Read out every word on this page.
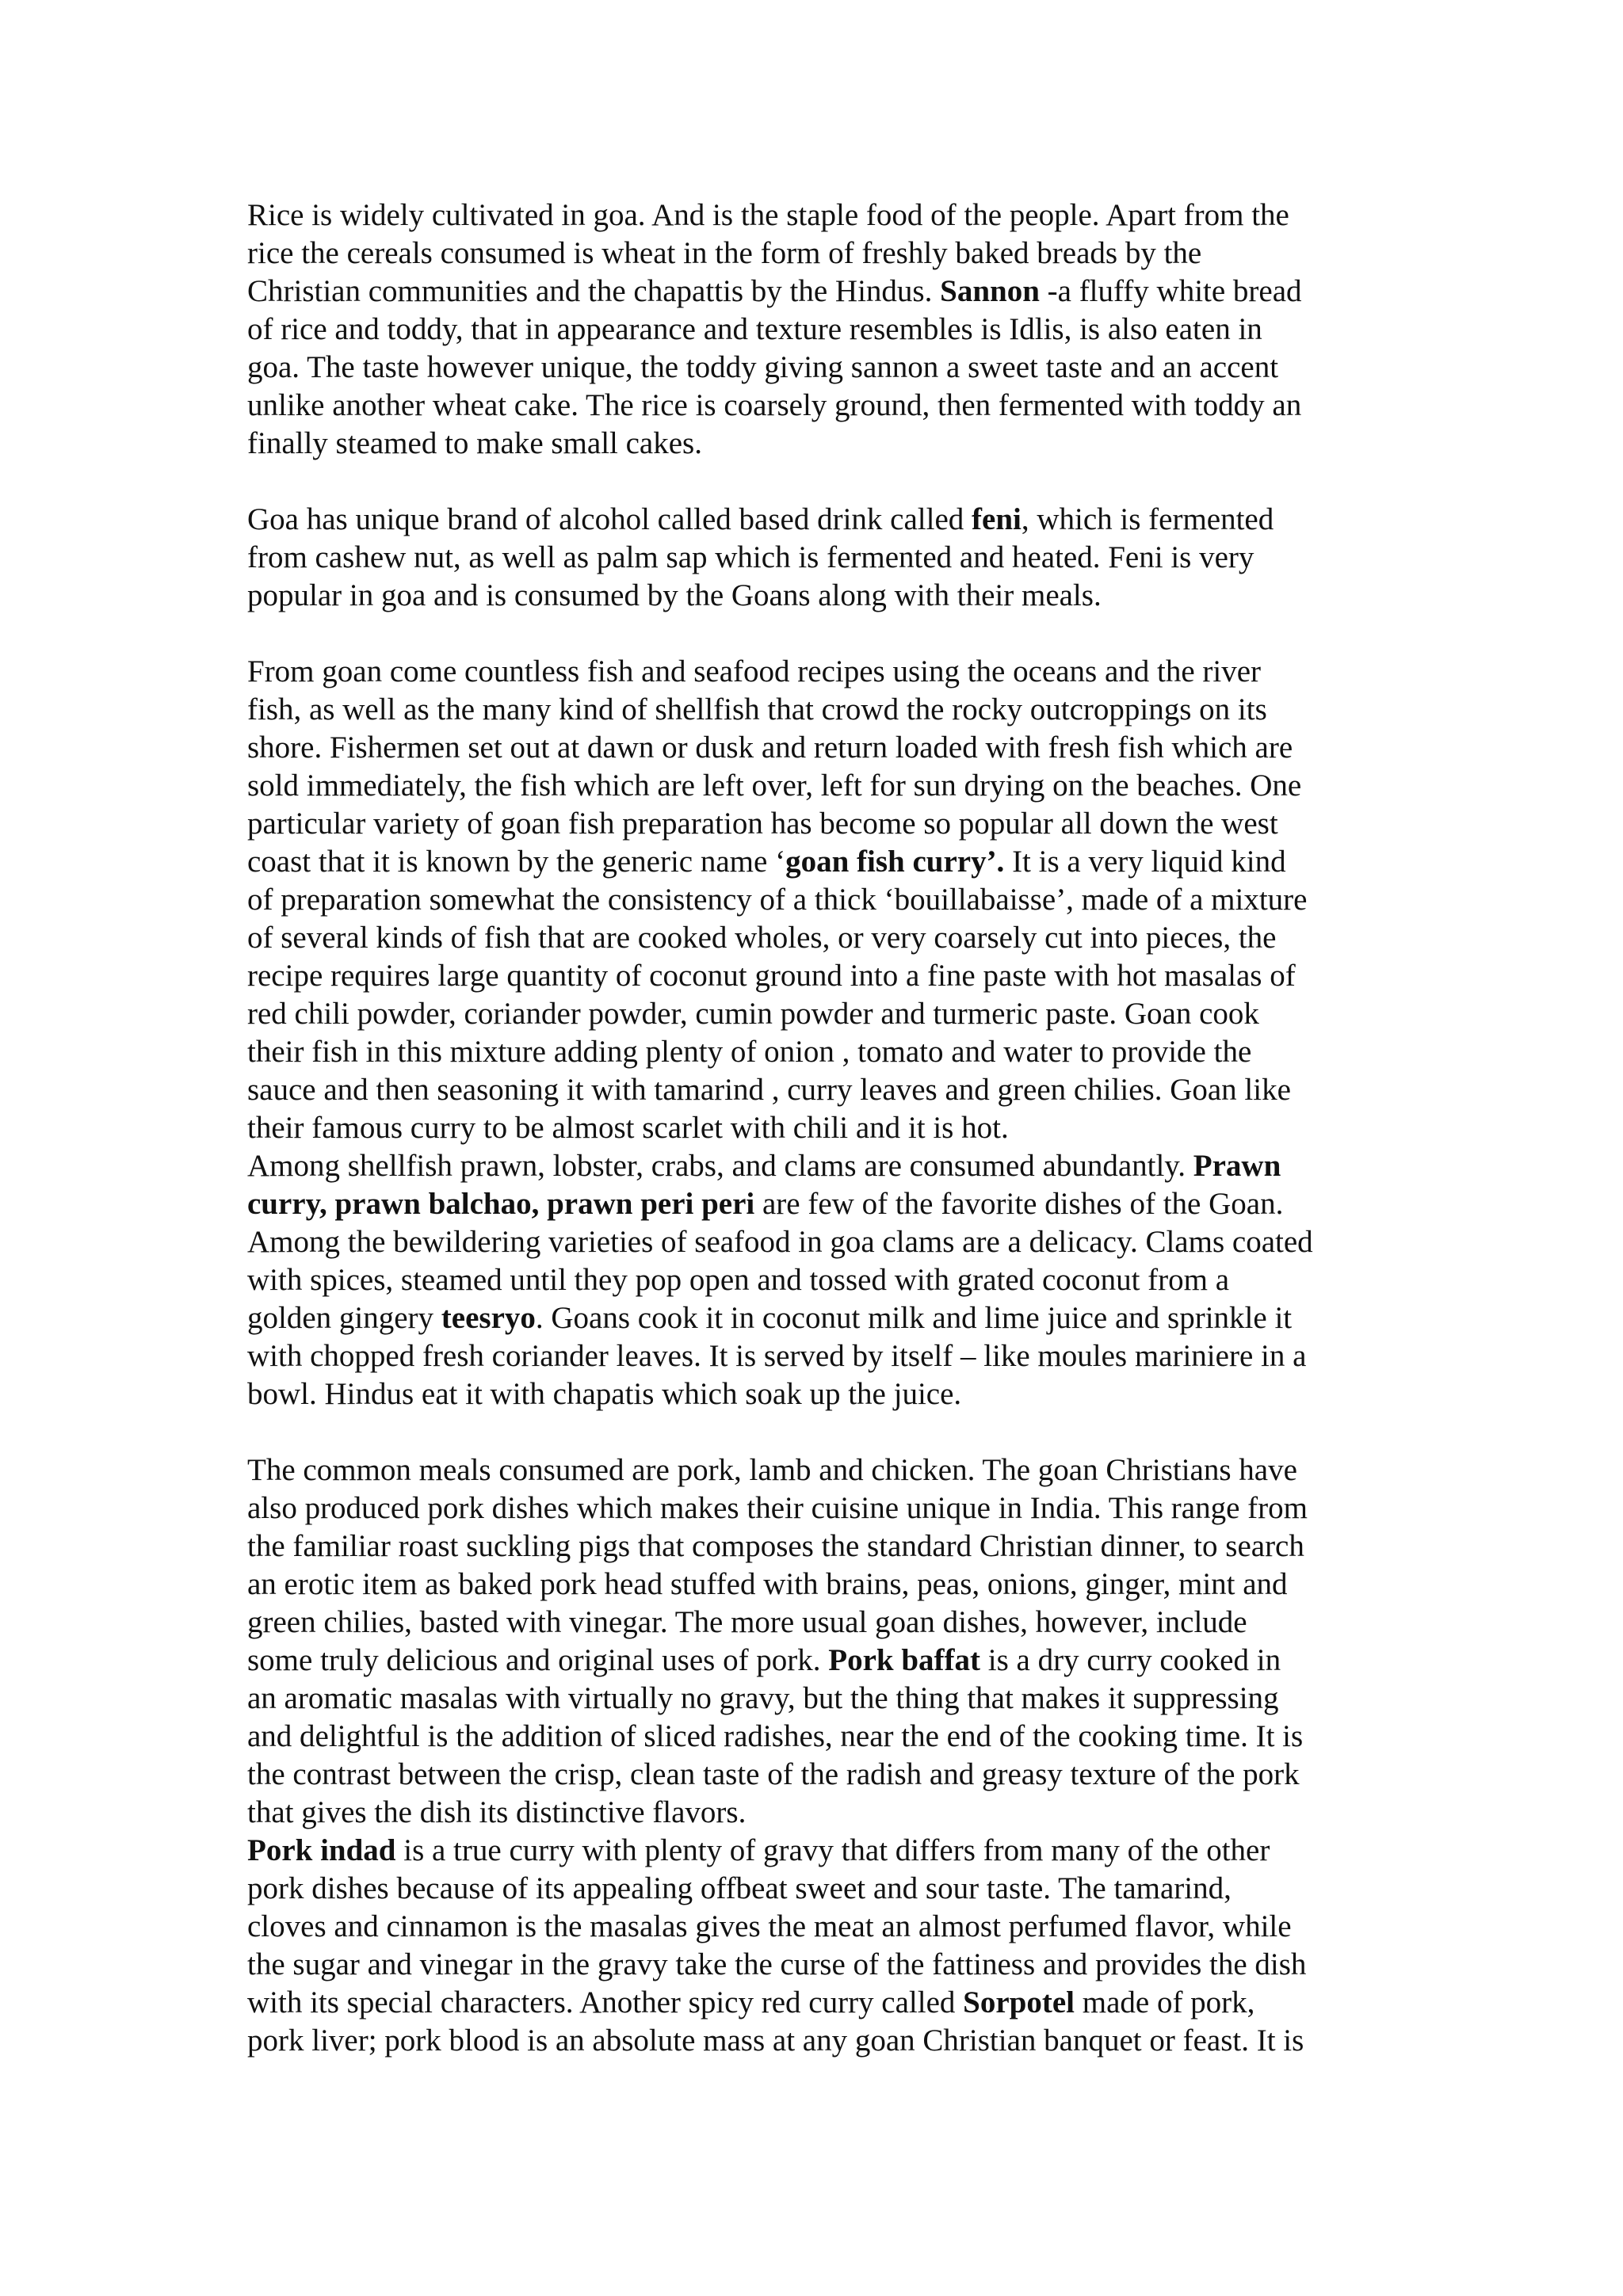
Rice is widely cultivated in goa. And is the staple food of the people. Apart from the
rice the cereals consumed is wheat in the form of freshly baked breads by the
Christian communities and the chapattis by the Hindus. Sannon -a fluffy white bread
of rice and toddy, that in appearance and texture resembles is Idlis, is also eaten in
goa. The taste however unique, the toddy giving sannon a sweet taste and an accent
unlike another wheat cake. The rice is coarsely ground, then fermented with toddy an
finally steamed to make small cakes.
Goa has unique brand of alcohol called based drink called feni, which is fermented
from cashew nut, as well as palm sap which is fermented and heated. Feni is very
popular in goa and is consumed by the Goans along with their meals.
From goan come countless fish and seafood recipes using the oceans and the river
fish, as well as the many kind of shellfish that crowd the rocky outcroppings on its
shore. Fishermen set out at dawn or dusk and return loaded with fresh fish which are
sold immediately, the fish which are left over, left for sun drying on the beaches. One
particular variety of goan fish preparation has become so popular all down the west
coast that it is known by the generic name ‘goan fish curry’. It is a very liquid kind
of preparation somewhat the consistency of a thick ‘bouillabaisse’, made of a mixture
of several kinds of fish that are cooked wholes, or very coarsely cut into pieces, the
recipe requires large quantity of coconut ground into a fine paste with hot masalas of
red chili powder, coriander powder, cumin powder and turmeric paste. Goan cook
their fish in this mixture adding plenty of onion , tomato and water to provide the
sauce and then seasoning it with tamarind , curry leaves and green chilies. Goan like
their famous curry to be almost scarlet with chili and it is hot.
Among shellfish prawn, lobster, crabs, and clams are consumed abundantly. Prawn
curry, prawn balchao, prawn peri peri are few of the favorite dishes of the Goan.
Among the bewildering varieties of seafood in goa clams are a delicacy. Clams coated
with spices, steamed until they pop open and tossed with grated coconut from a
golden gingery teesryo. Goans cook it in coconut milk and lime juice and sprinkle it
with chopped fresh coriander leaves. It is served by itself – like moules mariniere in a
bowl. Hindus eat it with chapatis which soak up the juice.
The common meals consumed are pork, lamb and chicken. The goan Christians have
also produced pork dishes which makes their cuisine unique in India. This range from
the familiar roast suckling pigs that composes the standard Christian dinner, to search
an erotic item as baked pork head stuffed with brains, peas, onions, ginger, mint and
green chilies, basted with vinegar. The more usual goan dishes, however, include
some truly delicious and original uses of pork. Pork baffat is a dry curry cooked in
an aromatic masalas with virtually no gravy, but the thing that makes it suppressing
and delightful is the addition of sliced radishes, near the end of the cooking time. It is
the contrast between the crisp, clean taste of the radish and greasy texture of the pork
that gives the dish its distinctive flavors.
Pork indad is a true curry with plenty of gravy that differs from many of the other
pork dishes because of its appealing offbeat sweet and sour taste. The tamarind,
cloves and cinnamon is the masalas gives the meat an almost perfumed flavor, while
the sugar and vinegar in the gravy take the curse of the fattiness and provides the dish
with its special characters. Another spicy red curry called Sorpotel made of pork,
pork liver; pork blood is an absolute mass at any goan Christian banquet or feast. It is
